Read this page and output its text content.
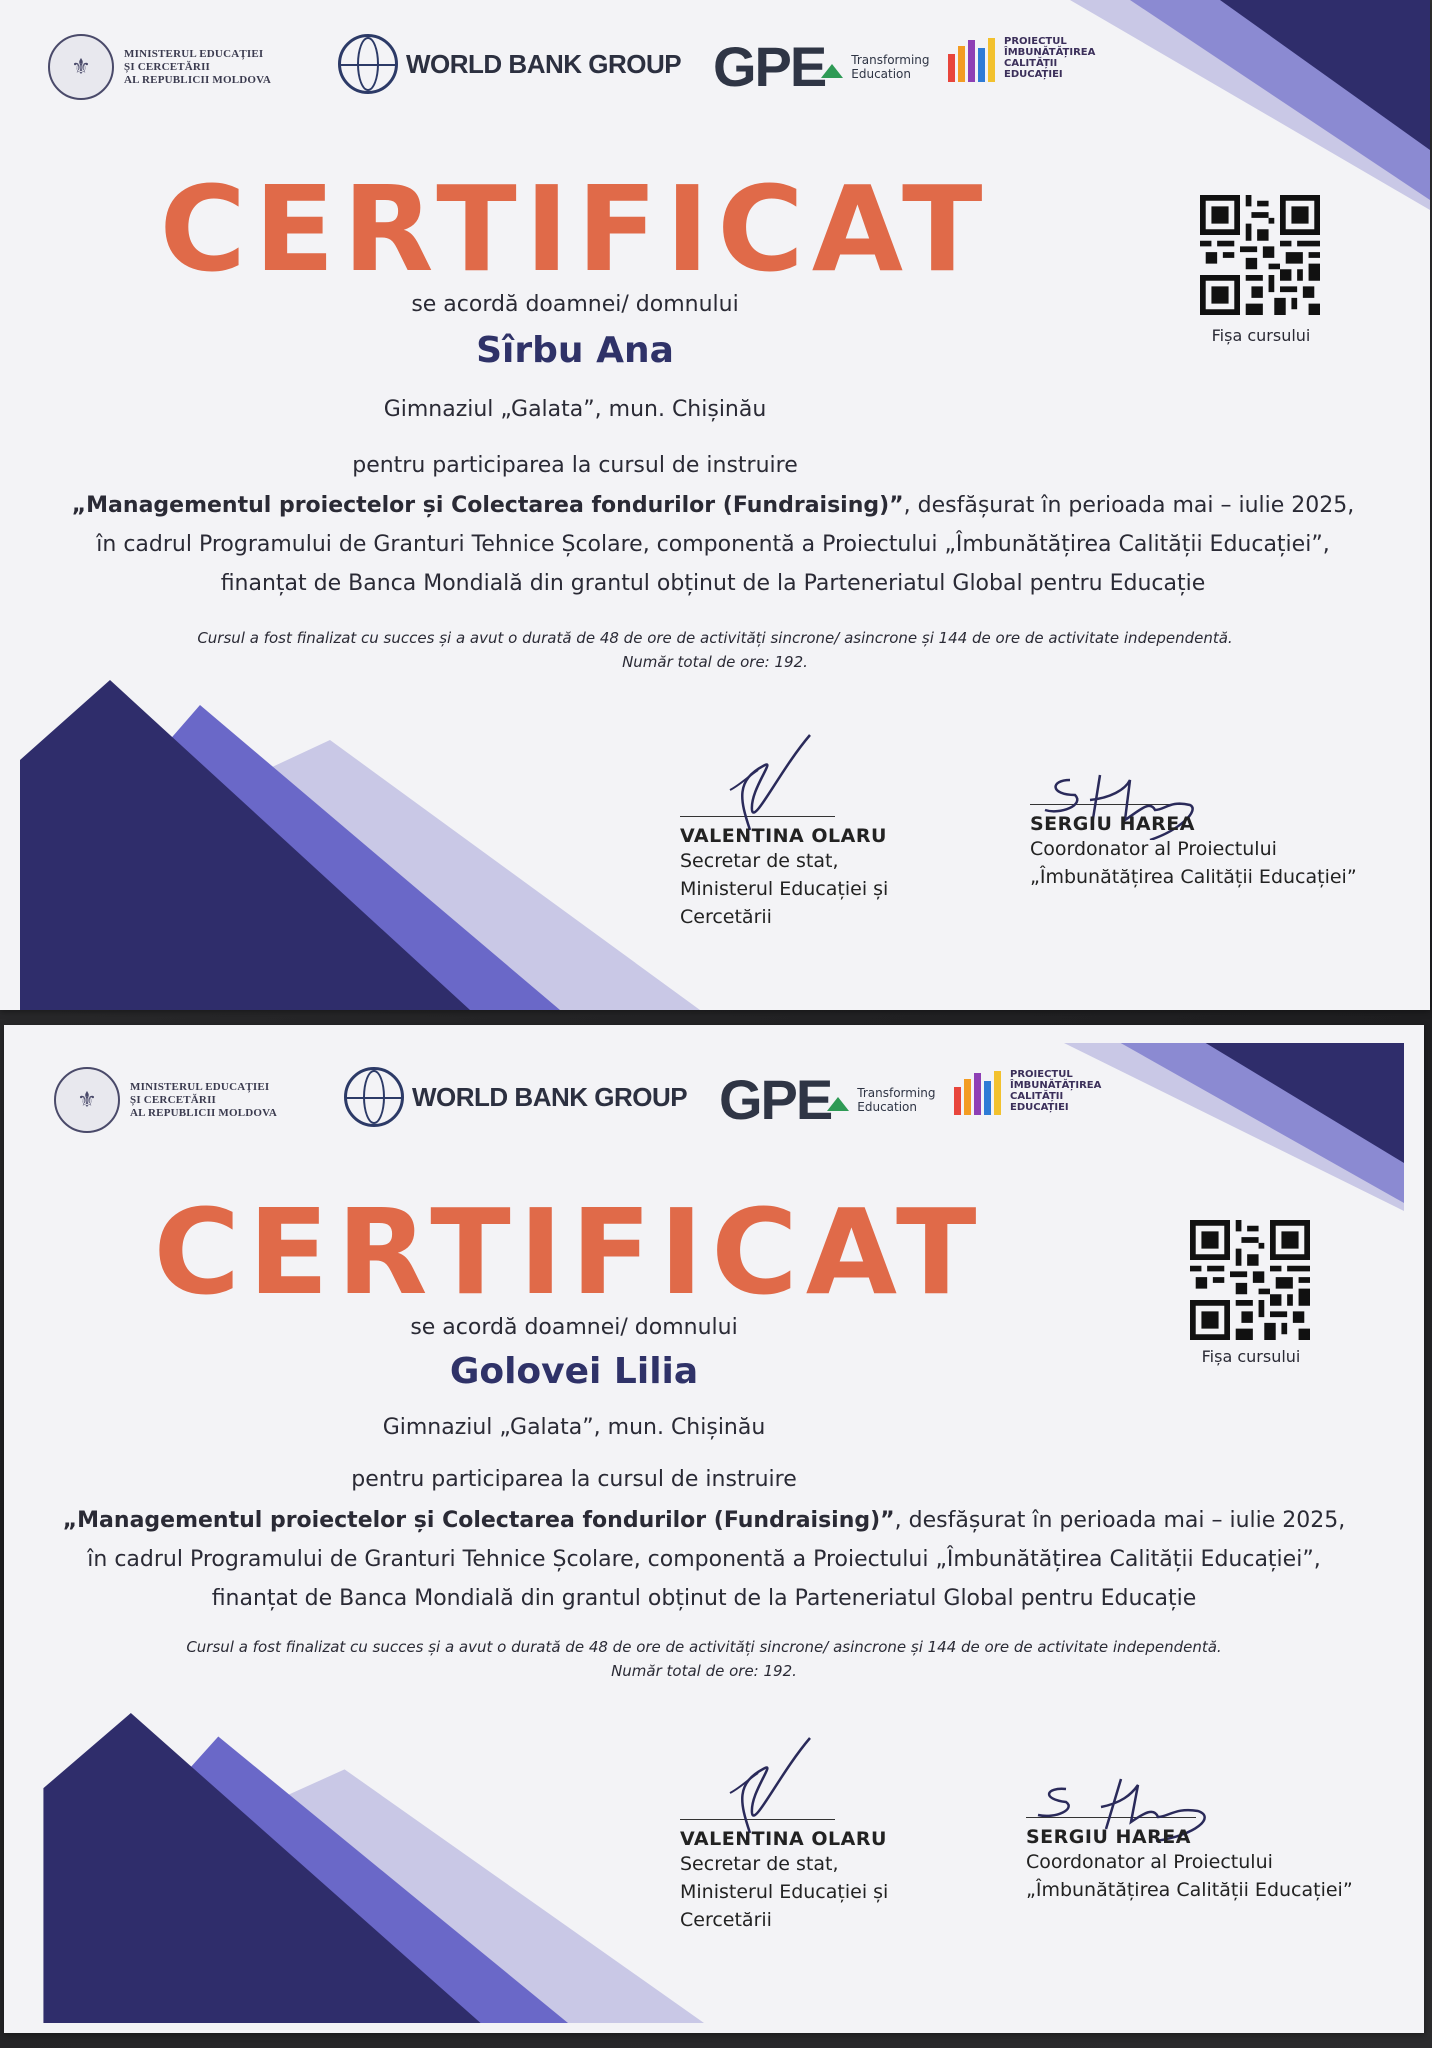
⚜
MINISTERUL EDUCAȚIEI
ȘI CERCETĂRII
AL REPUBLICII MOLDOVA
WORLD BANK GROUP GPE	Transforming
Education
PROIECTUL
ÎMBUNĂTĂȚIREA
CALITĂȚII
EDUCAȚIEI
CERTIFICAT
Fișa cursului
se acordă doamnei/ domnului
Sîrbu Ana
Gimnaziul „Galata”, mun. Chișinău
pentru participarea la cursul de instruire
„Managementul proiectelor și Colectarea fondurilor (Fundraising)”, desfășurat în perioada mai – iulie 2025,
în cadrul Programului de Granturi Tehnice Școlare, componentă a Proiectului „Îmbunătățirea Calității Educației”,
finanțat de Banca Mondială din grantul obținut de la Parteneriatul Global pentru Educație
Cursul a fost finalizat cu succes și a avut o durată de 48 de ore de activități sincrone/ asincrone și 144 de ore de activitate independentă.
Număr total de ore: 192.
VALENTINA OLARU
Secretar de stat,
Ministerul Educației și Cercetării
SERGIU HAREA
Coordonator al Proiectului
„Îmbunătățirea Calității Educației”
⚜
MINISTERUL EDUCAȚIEI
ȘI CERCETĂRII
AL REPUBLICII MOLDOVA
WORLD BANK GROUP GPE	Transforming
Education
PROIECTUL
ÎMBUNĂTĂȚIREA
CALITĂȚII
EDUCAȚIEI
CERTIFICAT
Fișa cursului
se acordă doamnei/ domnului
Golovei Lilia
Gimnaziul „Galata”, mun. Chișinău
pentru participarea la cursul de instruire
„Managementul proiectelor și Colectarea fondurilor (Fundraising)”, desfășurat în perioada mai – iulie 2025,
în cadrul Programului de Granturi Tehnice Școlare, componentă a Proiectului „Îmbunătățirea Calității Educației”,
finanțat de Banca Mondială din grantul obținut de la Parteneriatul Global pentru Educație
Cursul a fost finalizat cu succes și a avut o durată de 48 de ore de activități sincrone/ asincrone și 144 de ore de activitate independentă.
Număr total de ore: 192.
VALENTINA OLARU
Secretar de stat,
Ministerul Educației și Cercetării
SERGIU HAREA
Coordonator al Proiectului
„Îmbunătățirea Calității Educației”
